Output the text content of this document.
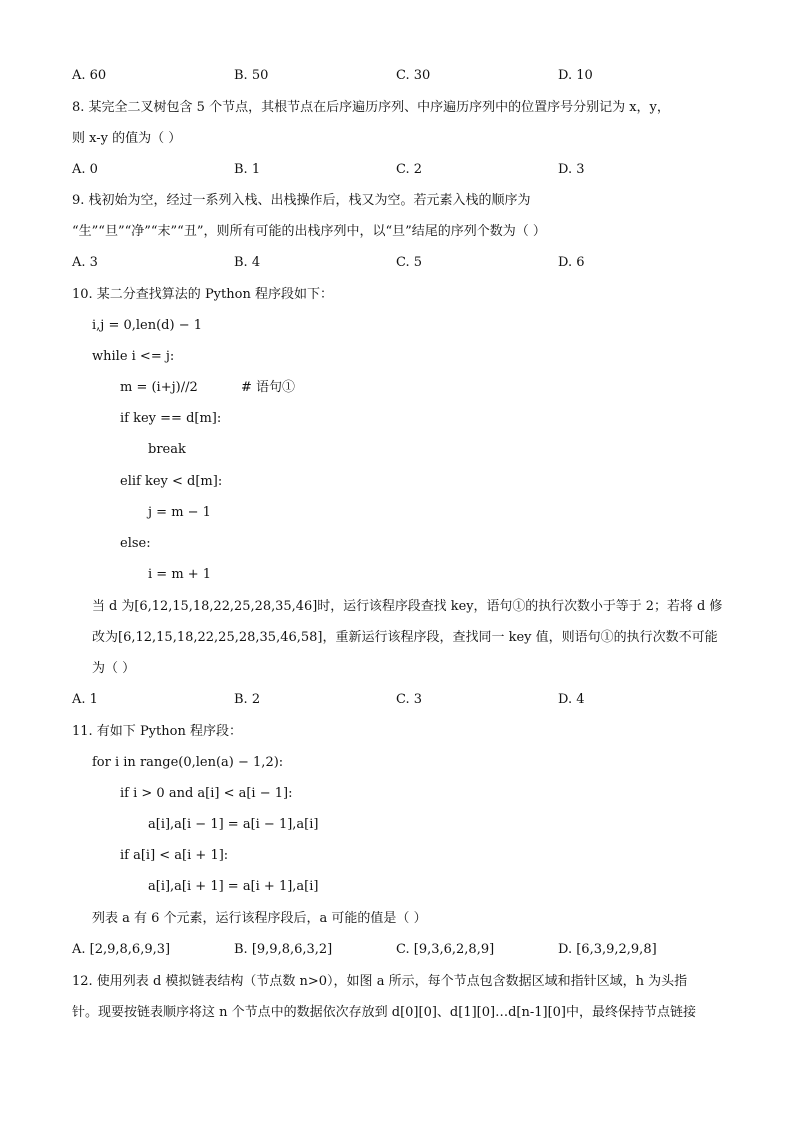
A. 60	B. 50	C. 30	D. 10
8. 某完全二叉树包含 5 个节点，其根节点在后序遍历序列、中序遍历序列中的位置序号分别记为 x，y，
则 x-y 的值为（ ）
A. 0	B. 1	C. 2	D. 3
9. 栈初始为空，经过一系列入栈、出栈操作后，栈又为空。若元素入栈的顺序为
“生”“旦”“净”“末”“丑”，则所有可能的出栈序列中，以“旦”结尾的序列个数为（ ）
A. 3	B. 4	C. 5	D. 6
10. 某二分查找算法的 Python 程序段如下：
i,j = 0,len(d) − 1
while i <= j:
m = (i+j)//2	# 语句①
if key == d[m]:
break
elif key < d[m]:
j = m − 1
else:
i = m + 1
当 d 为[6,12,15,18,22,25,28,35,46]时，运行该程序段查找 key，语句①的执行次数小于等于 2；若将 d 修
改为[6,12,15,18,22,25,28,35,46,58]，重新运行该程序段，查找同一 key 值，则语句①的执行次数不可能
为（ ）
A. 1	B. 2	C. 3	D. 4
11. 有如下 Python 程序段：
for i in range(0,len(a) − 1,2):
if i > 0 and a[i] < a[i − 1]:
a[i],a[i − 1] = a[i − 1],a[i]
if a[i] < a[i + 1]:
a[i],a[i + 1] = a[i + 1],a[i]
列表 a 有 6 个元素，运行该程序段后，a 可能的值是（ ）
A. [2,9,8,6,9,3]	B. [9,9,8,6,3,2]	C. [9,3,6,2,8,9]	D. [6,3,9,2,9,8]
12. 使用列表 d 模拟链表结构（节点数 n>0），如图 a 所示，每个节点包含数据区域和指针区域，h 为头指
针。现要按链表顺序将这 n 个节点中的数据依次存放到 d[0][0]、d[1][0]…d[n-1][0]中，最终保持节点链接
